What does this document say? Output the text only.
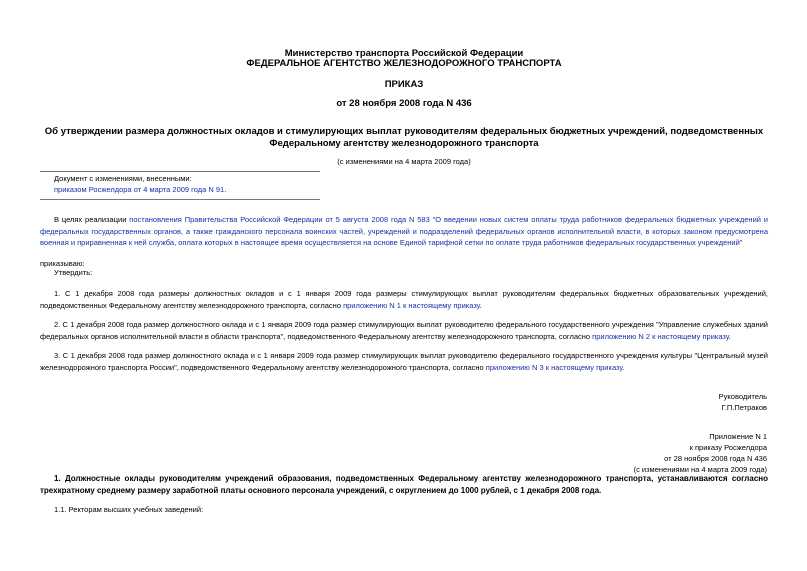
Министерство транспорта Российской Федерации
ФЕДЕРАЛЬНОЕ АГЕНТСТВО ЖЕЛЕЗНОДОРОЖНОГО ТРАНСПОРТА
ПРИКАЗ
от 28 ноября 2008 года N 436
Об утверждении размера должностных окладов и стимулирующих выплат руководителям федеральных бюджетных учреждений, подведомственных
Федеральному агентству железнодорожного транспорта
(с изменениями на 4 марта 2009 года)
Документ с изменениями, внесенными:
приказом Росжелдора от 4 марта 2009 года N 91.
В целях реализации постановления Правительства Российской Федерации от 5 августа 2008 года N 583 "О введении новых систем оплаты труда работников федеральных бюджетных учреждений и федеральных государственных органов, а также гражданского персонала воинских частей, учреждений и подразделений федеральных органов исполнительной власти, в которых законом предусмотрена военная и приравненная к ней служба, оплата которых в настоящее время осуществляется на основе Единой тарифной сетки по оплате труда работников федеральных государственных учреждений"
приказываю:
Утвердить:
1. С 1 декабря 2008 года размеры должностных окладов и с 1 января 2009 года размеры стимулирующих выплат руководителям федеральных бюджетных образовательных учреждений, подведомственных Федеральному агентству железнодорожного транспорта, согласно приложению N 1 к настоящему приказу.
2. С 1 декабря 2008 года размер должностного оклада и с 1 января 2009 года размер стимулирующих выплат руководителю федерального государственного учреждения "Управление служебных зданий федеральных органов исполнительной власти в области транспорта", подведомственного Федеральному агентству железнодорожного транспорта, согласно приложению N 2 к настоящему приказу.
3. С 1 декабря 2008 года размер должностного оклада и с 1 января 2009 года размер стимулирующих выплат руководителю федерального государственного учреждения культуры "Центральный музей железнодорожного транспорта России", подведомственного Федеральному агентству железнодорожного транспорта, согласно приложению N 3 к настоящему приказу.
Руководитель
Г.П.Петраков
Приложение N 1
к приказу Росжелдора
от 28 ноября 2008 года N 436
(с изменениями на 4 марта 2009 года)
1. Должностные оклады руководителям учреждений образования, подведомственных Федеральному агентству железнодорожного транспорта, устанавливаются согласно трехкратному среднему размеру заработной платы основного персонала учреждений, с округлением до 1000 рублей, с 1 декабря 2008 года.
1.1. Ректорам высших учебных заведений:
